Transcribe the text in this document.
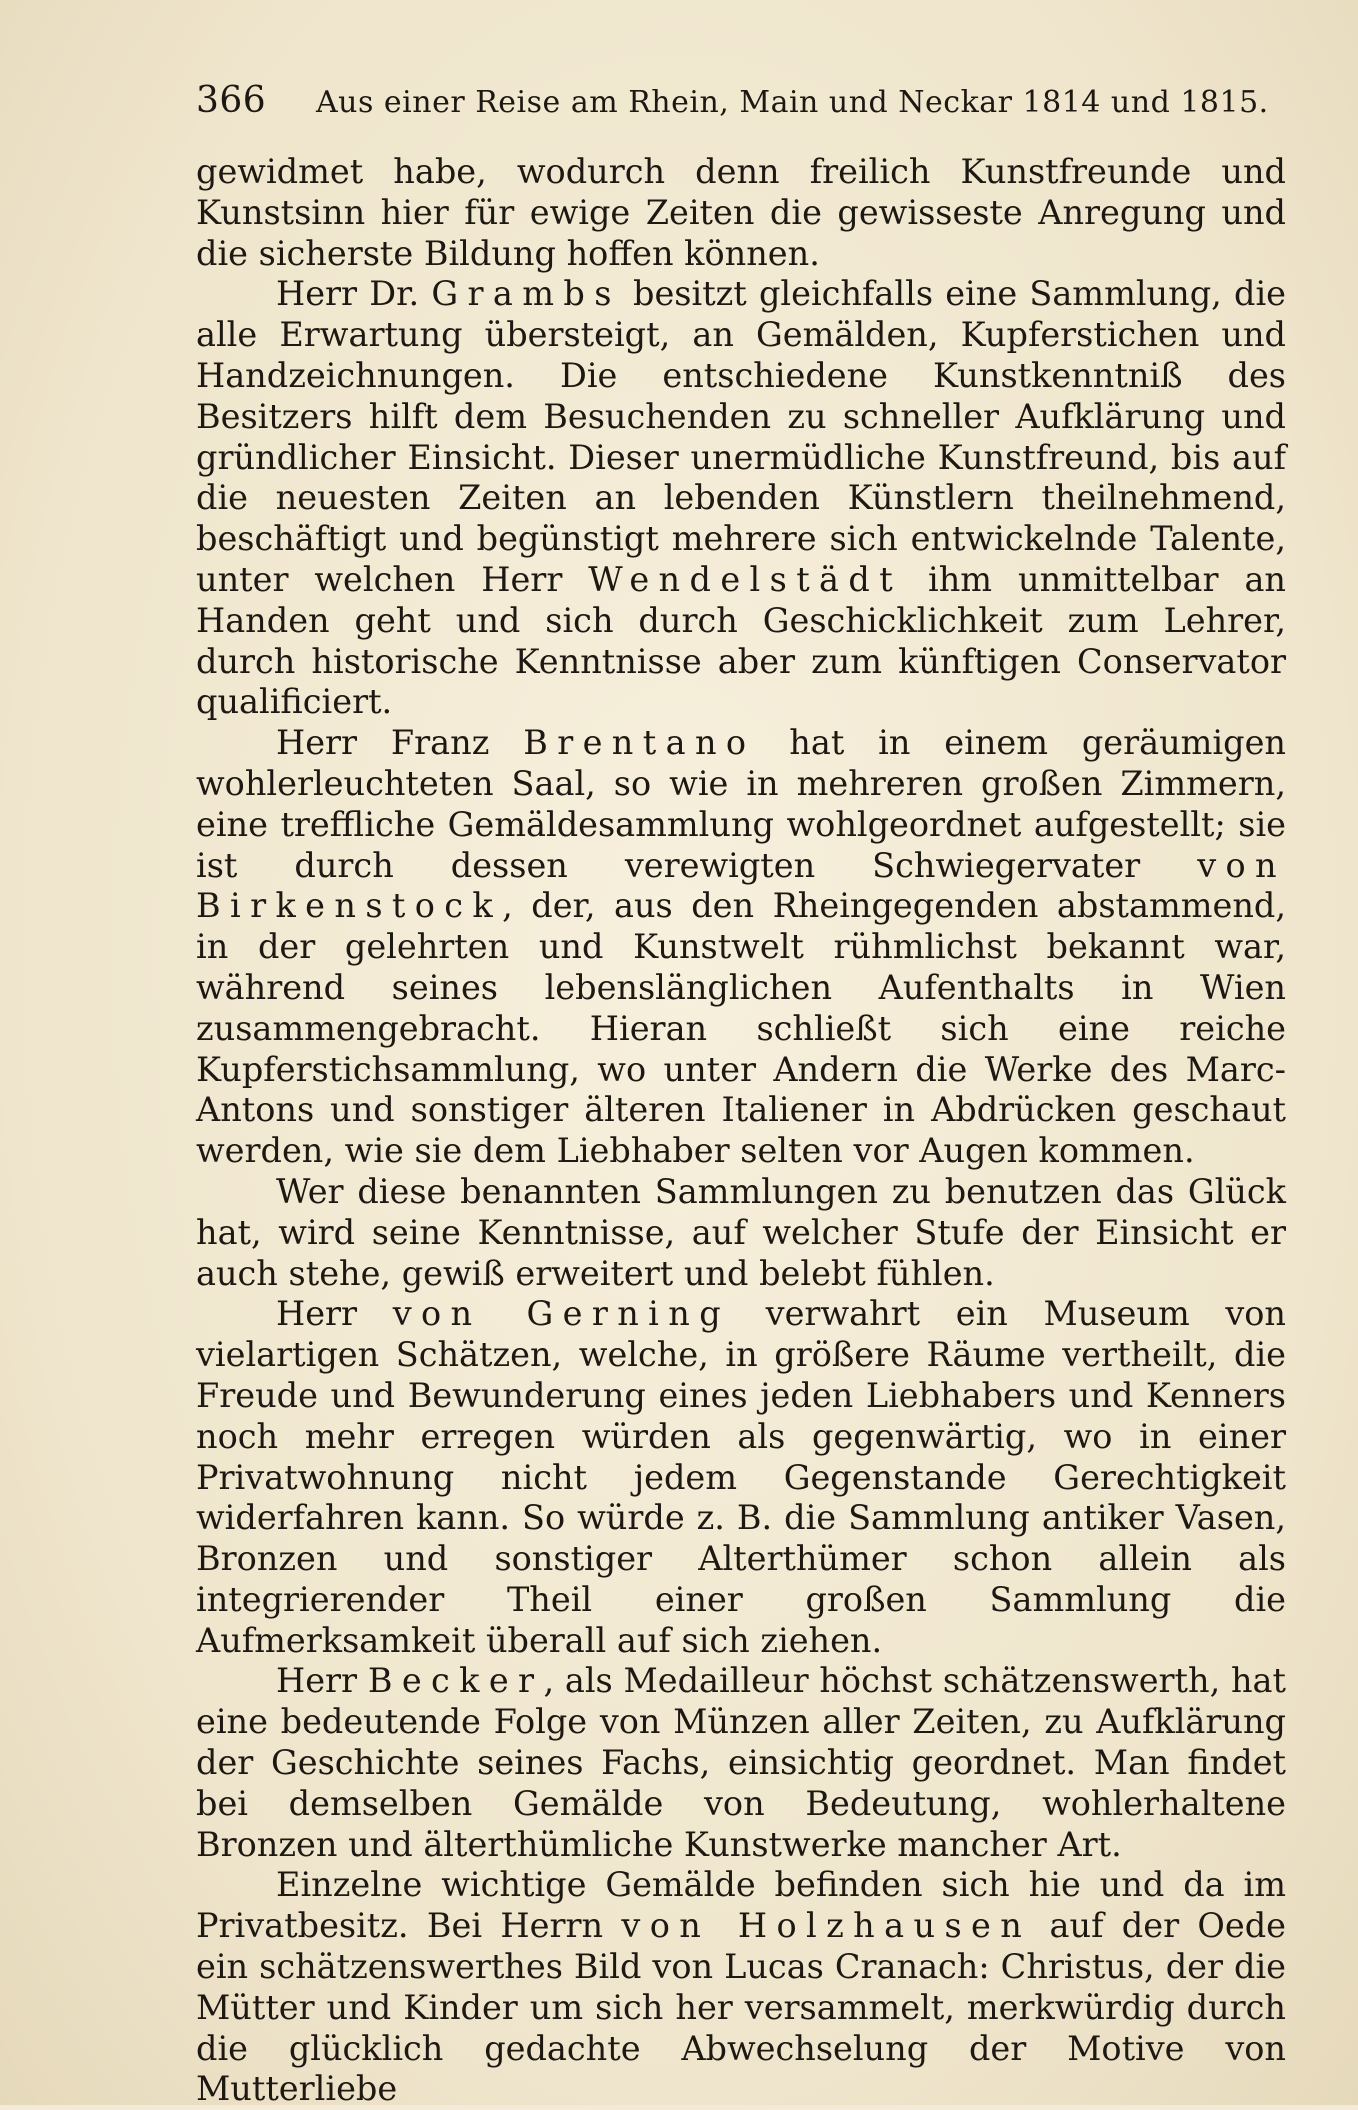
366	Aus einer Reise am Rhein, Main und Neckar 1814 und 1815.

gewidmet habe, wodurch denn freilich Kunstfreunde und Kunstsinn hier für ewige Zeiten die gewisseste Anregung und die sicherste Bildung hoffen können.

Herr Dr. Grambs besitzt gleichfalls eine Sammlung, die alle Erwartung übersteigt, an Gemälden, Kupferstichen und Handzeichnungen. Die entschiedene Kunstkenntniß des Besitzers hilft dem Besuchenden zu schneller Aufklärung und gründlicher Einsicht. Dieser unermüdliche Kunstfreund, bis auf die neuesten Zeiten an lebenden Künstlern theilnehmend, beschäftigt und begünstigt mehrere sich entwickelnde Talente, unter welchen Herr Wendelstädt ihm unmittelbar an Handen geht und sich durch Geschicklichkeit zum Lehrer, durch historische Kenntnisse aber zum künftigen Conservator qualificiert.

Herr Franz Brentano hat in einem geräumigen wohlerleuchteten Saal, so wie in mehreren großen Zimmern, eine treffliche Gemäldesammlung wohlgeordnet aufgestellt; sie ist durch dessen verewigten Schwiegervater von Birkenstock, der, aus den Rheingegenden abstammend, in der gelehrten und Kunstwelt rühmlichst bekannt war, während seines lebenslänglichen Aufenthalts in Wien zusammengebracht. Hieran schließt sich eine reiche Kupferstichsammlung, wo unter Andern die Werke des Marc-Antons und sonstiger älteren Italiener in Abdrücken geschaut werden, wie sie dem Liebhaber selten vor Augen kommen.

Wer diese benannten Sammlungen zu benutzen das Glück hat, wird seine Kenntnisse, auf welcher Stufe der Einsicht er auch stehe, gewiß erweitert und belebt fühlen.

Herr von Gerning verwahrt ein Museum von vielartigen Schätzen, welche, in größere Räume vertheilt, die Freude und Bewunderung eines jeden Liebhabers und Kenners noch mehr erregen würden als gegenwärtig, wo in einer Privatwohnung nicht jedem Gegenstande Gerechtigkeit widerfahren kann. So würde z. B. die Sammlung antiker Vasen, Bronzen und sonstiger Alterthümer schon allein als integrierender Theil einer großen Sammlung die Aufmerksamkeit überall auf sich ziehen.

Herr Becker, als Medailleur höchst schätzenswerth, hat eine bedeutende Folge von Münzen aller Zeiten, zu Aufklärung der Geschichte seines Fachs, einsichtig geordnet. Man findet bei demselben Gemälde von Bedeutung, wohlerhaltene Bronzen und älterthümliche Kunstwerke mancher Art.

Einzelne wichtige Gemälde befinden sich hie und da im Privatbesitz. Bei Herrn von Holzhausen auf der Oede ein schätzenswerthes Bild von Lucas Cranach: Christus, der die Mütter und Kinder um sich her versammelt, merkwürdig durch die glücklich gedachte Abwechselung der Motive von Mutterliebe
